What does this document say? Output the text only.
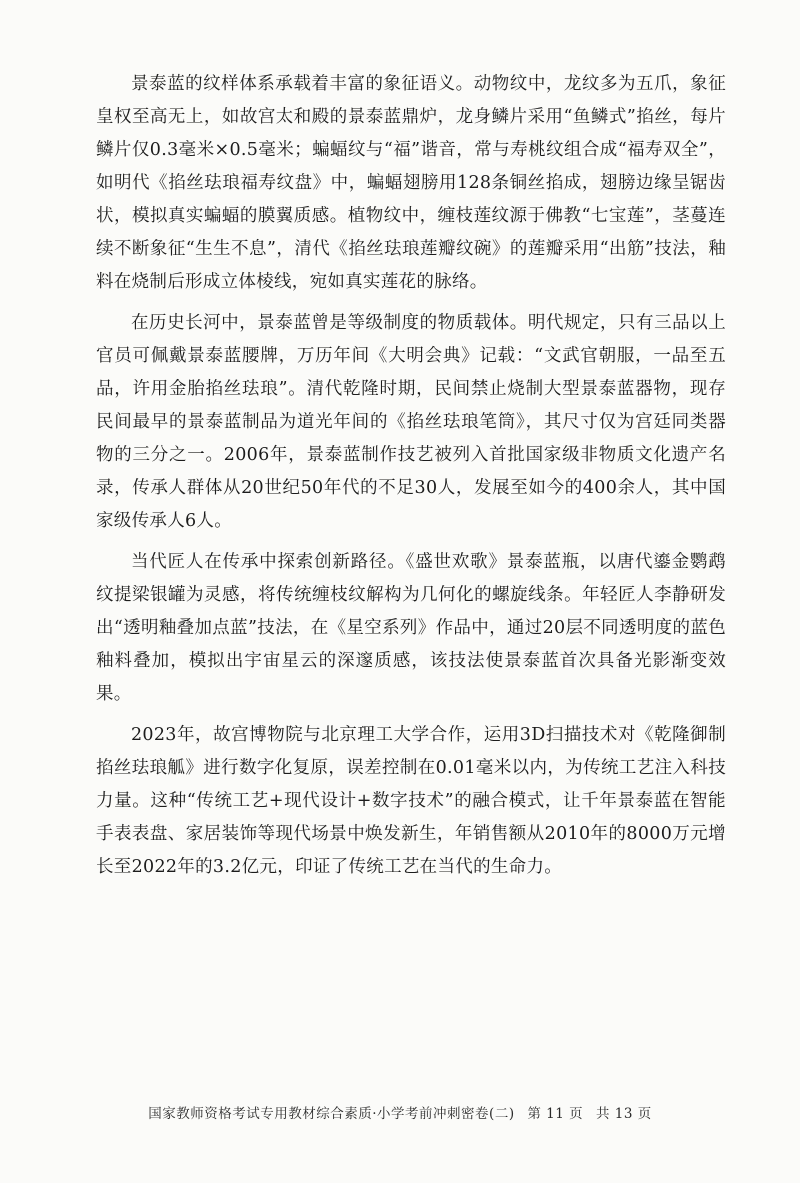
景泰蓝的纹样体系承载着丰富的象征语义。动物纹中，龙纹多为五爪，象征皇权至高无上，如故宫太和殿的景泰蓝鼎炉，龙身鳞片采用“鱼鳞式”掐丝，每片鳞片仅0.3毫米×0.5毫米；蝙蝠纹与“福”谐音，常与寿桃纹组合成“福寿双全”，如明代《掐丝珐琅福寿纹盘》中，蝙蝠翅膀用128条铜丝掐成，翅膀边缘呈锯齿状，模拟真实蝙蝠的膜翼质感。植物纹中，缠枝莲纹源于佛教“七宝莲”，茎蔓连续不断象征“生生不息”，清代《掐丝珐琅莲瓣纹碗》的莲瓣采用“出筋”技法，釉料在烧制后形成立体棱线，宛如真实莲花的脉络。

在历史长河中，景泰蓝曾是等级制度的物质载体。明代规定，只有三品以上官员可佩戴景泰蓝腰牌，万历年间《大明会典》记载：“文武官朝服，一品至五品，许用金胎掐丝珐琅”。清代乾隆时期，民间禁止烧制大型景泰蓝器物，现存民间最早的景泰蓝制品为道光年间的《掐丝珐琅笔筒》，其尺寸仅为宫廷同类器物的三分之一。2006年，景泰蓝制作技艺被列入首批国家级非物质文化遗产名录，传承人群体从20世纪50年代的不足30人，发展至如今的400余人，其中国家级传承人6人。

当代匠人在传承中探索创新路径。《盛世欢歌》景泰蓝瓶，以唐代鎏金鹦鹉纹提梁银罐为灵感，将传统缠枝纹解构为几何化的螺旋线条。年轻匠人李静研发出“透明釉叠加点蓝”技法，在《星空系列》作品中，通过20层不同透明度的蓝色釉料叠加，模拟出宇宙星云的深邃质感，该技法使景泰蓝首次具备光影渐变效果。

2023年，故宫博物院与北京理工大学合作，运用3D扫描技术对《乾隆御制掐丝珐琅觚》进行数字化复原，误差控制在0.01毫米以内，为传统工艺注入科技力量。这种“传统工艺+现代设计+数字技术”的融合模式，让千年景泰蓝在智能手表表盘、家居装饰等现代场景中焕发新生，年销售额从2010年的8000万元增长至2022年的3.2亿元，印证了传统工艺在当代的生命力。

国家教师资格考试专用教材综合素质·小学考前冲刺密卷(二) 第 11 页 共 13 页
